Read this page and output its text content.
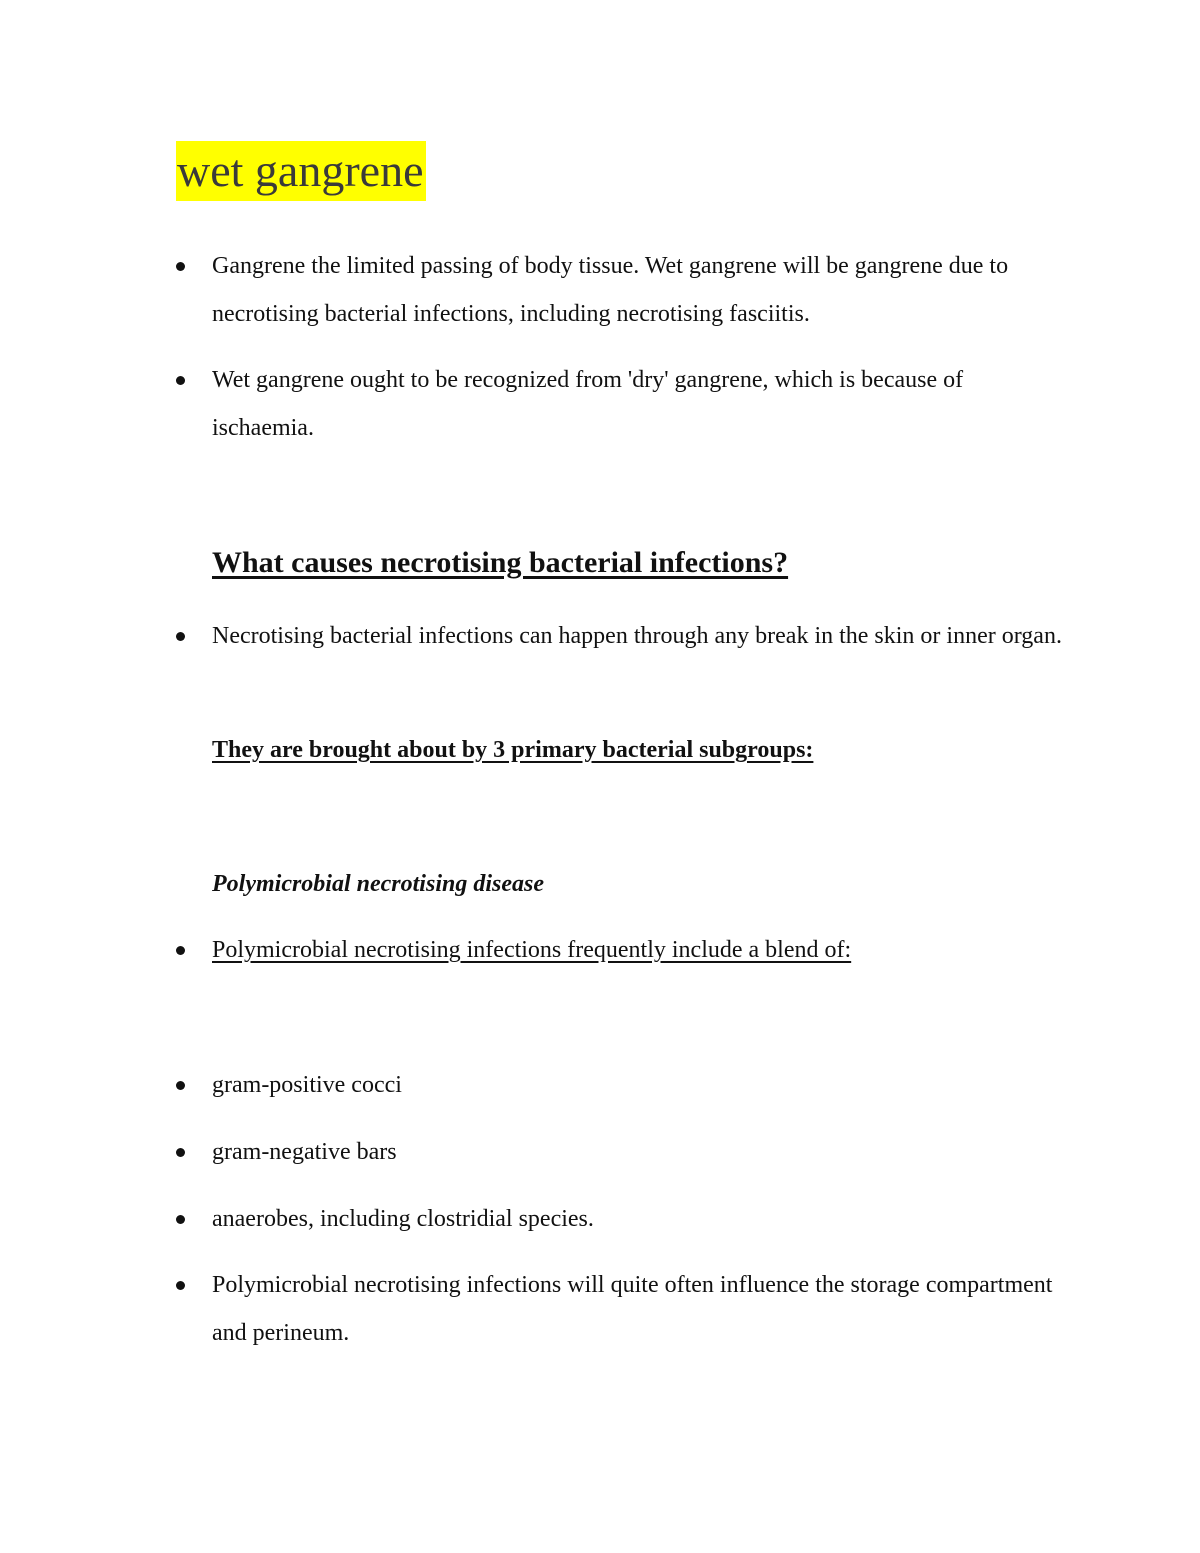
wet gangrene
Gangrene the limited passing of body tissue. Wet gangrene will be gangrene due to necrotising bacterial infections, including necrotising fasciitis.
Wet gangrene ought to be recognized from 'dry' gangrene, which is because of ischaemia.
What causes necrotising bacterial infections?
Necrotising bacterial infections can happen through any break in the skin or inner organ.
They are brought about by 3 primary bacterial subgroups:
Polymicrobial necrotising disease
Polymicrobial necrotising infections frequently include a blend of:
gram-positive cocci
gram-negative bars
anaerobes, including clostridial species.
Polymicrobial necrotising infections will quite often influence the storage compartment and perineum.
